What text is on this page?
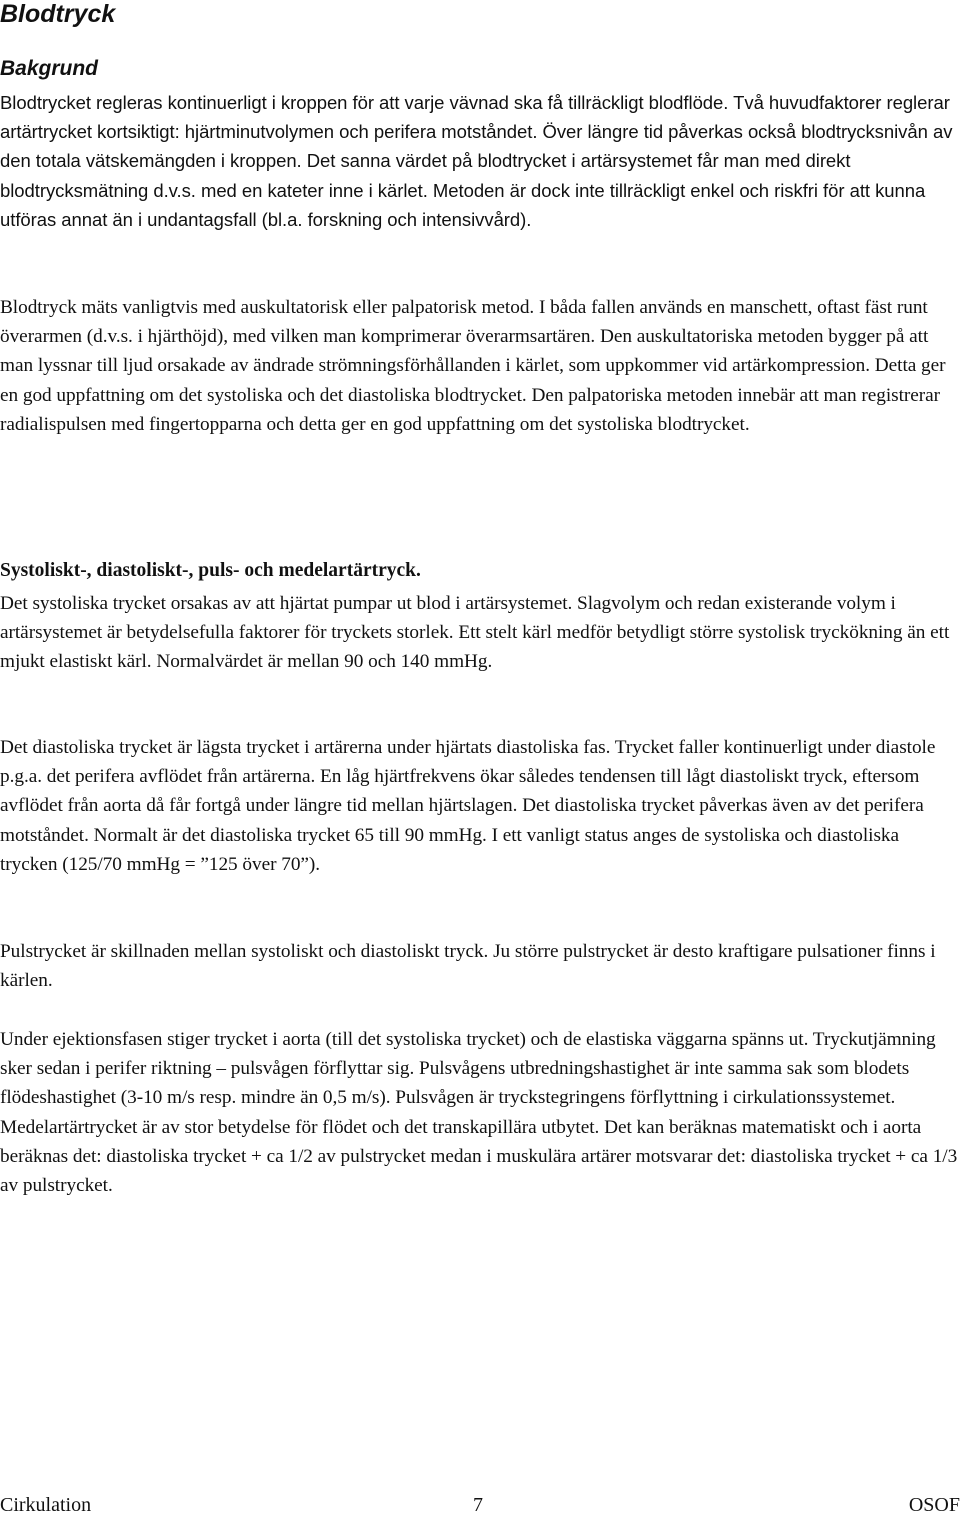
Blodtryck
Bakgrund

Blodtrycket regleras kontinuerligt i kroppen för att varje vävnad ska få tillräckligt blodflöde. Två huvudfaktorer reglerar artärtrycket kortsiktigt: hjärtminutvolymen och perifera motståndet. Över längre tid påverkas också blodtrycksnivån av den totala vätskemängden i kroppen. Det sanna värdet på blodtrycket i artärsystemet får man med direkt blodtrycksmätning d.v.s. med en kateter inne i kärlet. Metoden är dock inte tillräckligt enkel och riskfri för att kunna utföras annat än i undantagsfall (bl.a. forskning och intensivvård).

Blodtryck mäts vanligtvis med auskultatorisk eller palpatorisk metod. I båda fallen används en manschett, oftast fäst runt överarmen (d.v.s. i hjärthöjd), med vilken man komprimerar överarmsartären. Den auskultatoriska metoden bygger på att man lyssnar till ljud orsakade av ändrade strömningsförhållanden i kärlet, som uppkommer vid artärkompression. Detta ger en god uppfattning om det systoliska och det diastoliska blodtrycket. Den palpatoriska metoden innebär att man registrerar radialispulsen med fingertopparna och detta ger en god uppfattning om det systoliska blodtrycket.

Systoliskt-, diastoliskt-, puls- och medelartärtryck.

Det systoliska trycket orsakas av att hjärtat pumpar ut blod i artärsystemet. Slagvolym och redan existerande volym i artärsystemet är betydelsefulla faktorer för tryckets storlek. Ett stelt kärl medför betydligt större systolisk tryckökning än ett mjukt elastiskt kärl. Normalvärdet är mellan 90 och 140 mmHg.

Det diastoliska trycket är lägsta trycket i artärerna under hjärtats diastoliska fas. Trycket faller kontinuerligt under diastole p.g.a. det perifera avflödet från artärerna. En låg hjärtfrekvens ökar således tendensen till lågt diastoliskt tryck, eftersom avflödet från aorta då får fortgå under längre tid mellan hjärtslagen. Det diastoliska trycket påverkas även av det perifera motståndet. Normalt är det diastoliska trycket 65 till 90 mmHg. I ett vanligt status anges de systoliska och diastoliska trycken (125/70 mmHg = ”125 över 70”).

Pulstrycket är skillnaden mellan systoliskt och diastoliskt tryck. Ju större pulstrycket är desto kraftigare pulsationer finns i kärlen.

Under ejektionsfasen stiger trycket i aorta (till det systoliska trycket) och de elastiska väggarna spänns ut. Tryckutjämning sker sedan i perifer riktning – pulsvågen förflyttar sig. Pulsvågens utbredningshastighet är inte samma sak som blodets flödeshastighet (3-10 m/s resp. mindre än 0,5 m/s). Pulsvågen är tryckstegringens förflyttning i cirkulationssystemet. Medelartärtrycket är av stor betydelse för flödet och det transkapillära utbytet. Det kan beräknas matematiskt och i aorta beräknas det: diastoliska trycket + ca 1/2 av pulstrycket medan i muskulära artärer motsvarar det: diastoliska trycket + ca 1/3 av pulstrycket.

Cirkulation	7	OSOF
